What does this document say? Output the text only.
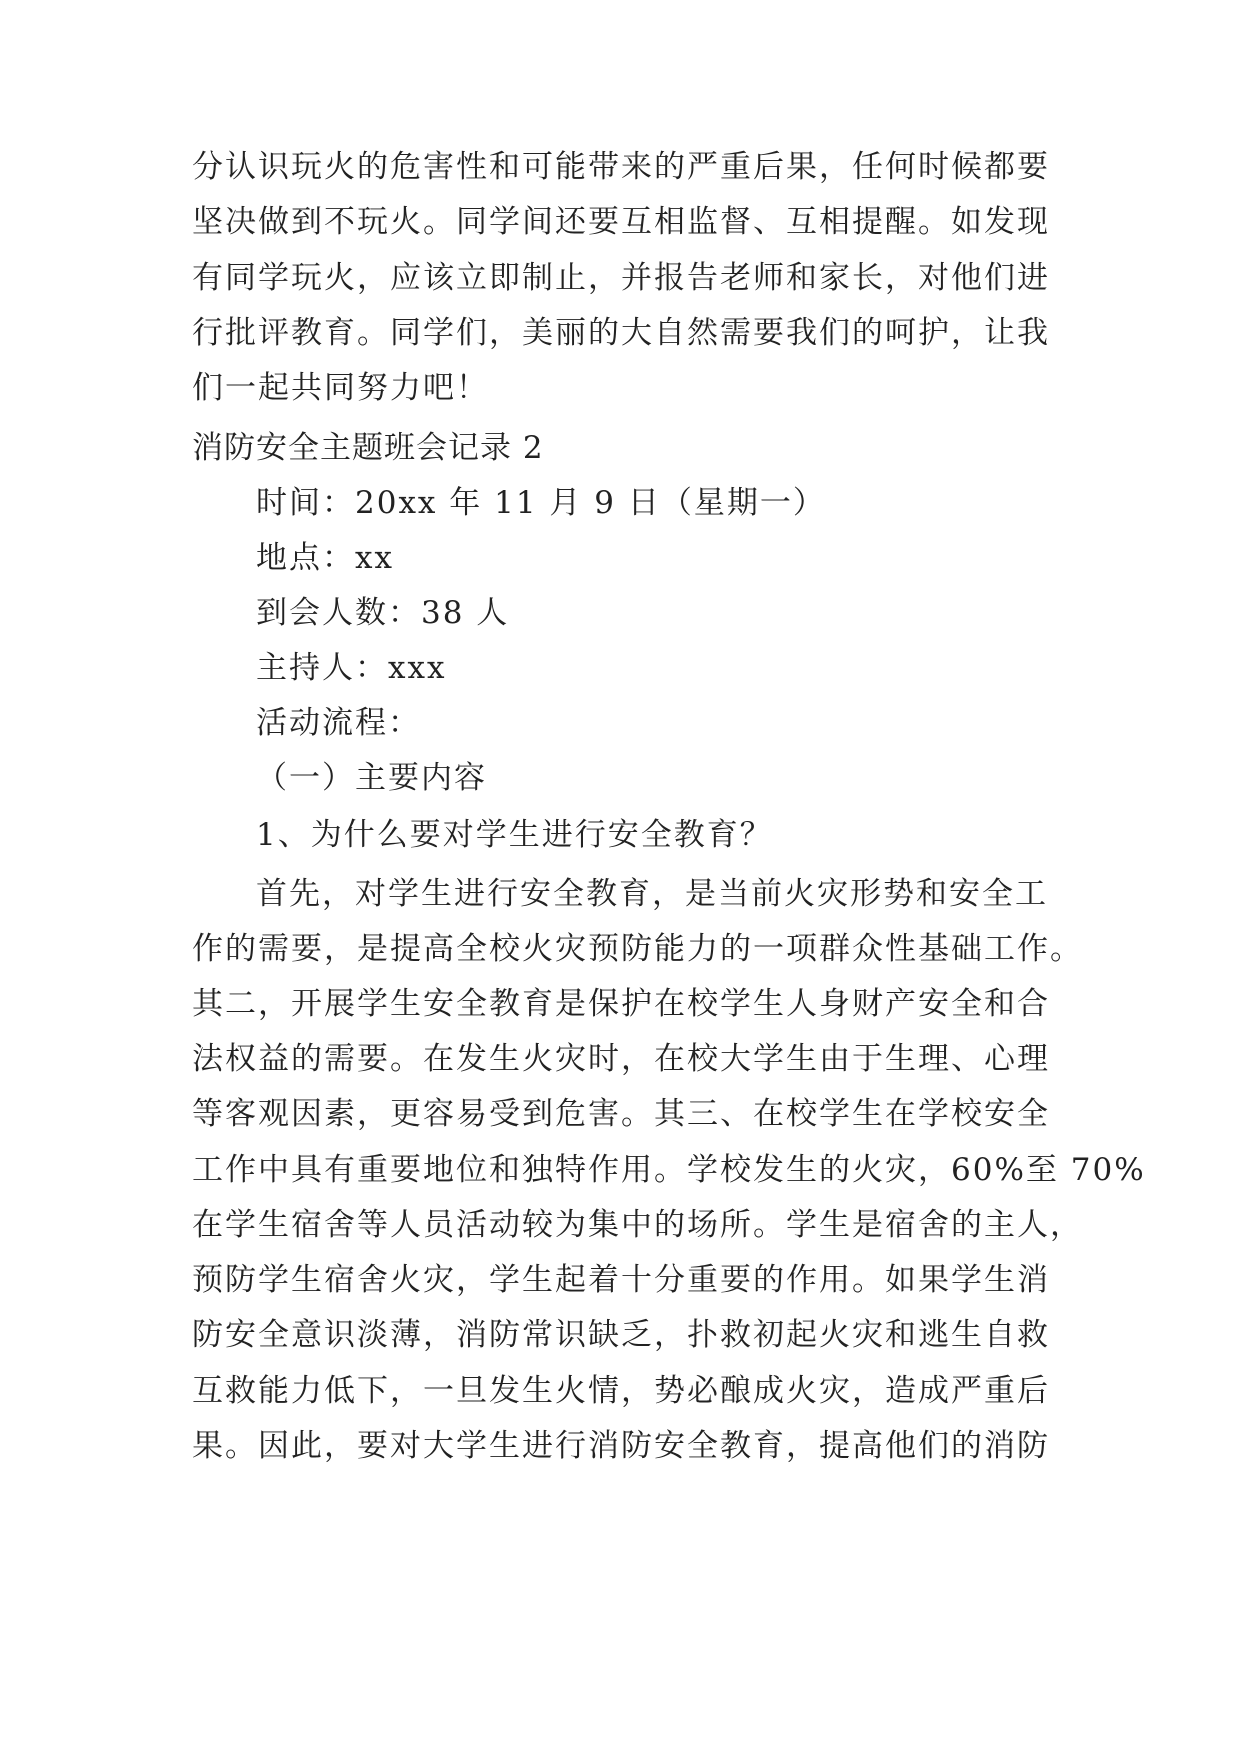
分认识玩火的危害性和可能带来的严重后果，任何时候都要
坚决做到不玩火。同学间还要互相监督、互相提醒。如发现
有同学玩火，应该立即制止，并报告老师和家长，对他们进
行批评教育。同学们，美丽的大自然需要我们的呵护，让我
们一起共同努力吧！
消防安全主题班会记录 2
时间：20xx 年 11 月 9 日（星期一）
地点：xx
到会人数：38 人
主持人：xxx
活动流程：
（一）主要内容
1、为什么要对学生进行安全教育？
首先，对学生进行安全教育，是当前火灾形势和安全工
作的需要，是提高全校火灾预防能力的一项群众性基础工作。
其二，开展学生安全教育是保护在校学生人身财产安全和合
法权益的需要。在发生火灾时，在校大学生由于生理、心理
等客观因素，更容易受到危害。其三、在校学生在学校安全
工作中具有重要地位和独特作用。学校发生的火灾，60%至 70%
在学生宿舍等人员活动较为集中的场所。学生是宿舍的主人，
预防学生宿舍火灾，学生起着十分重要的作用。如果学生消
防安全意识淡薄，消防常识缺乏，扑救初起火灾和逃生自救
互救能力低下，一旦发生火情，势必酿成火灾，造成严重后
果。因此，要对大学生进行消防安全教育，提高他们的消防
